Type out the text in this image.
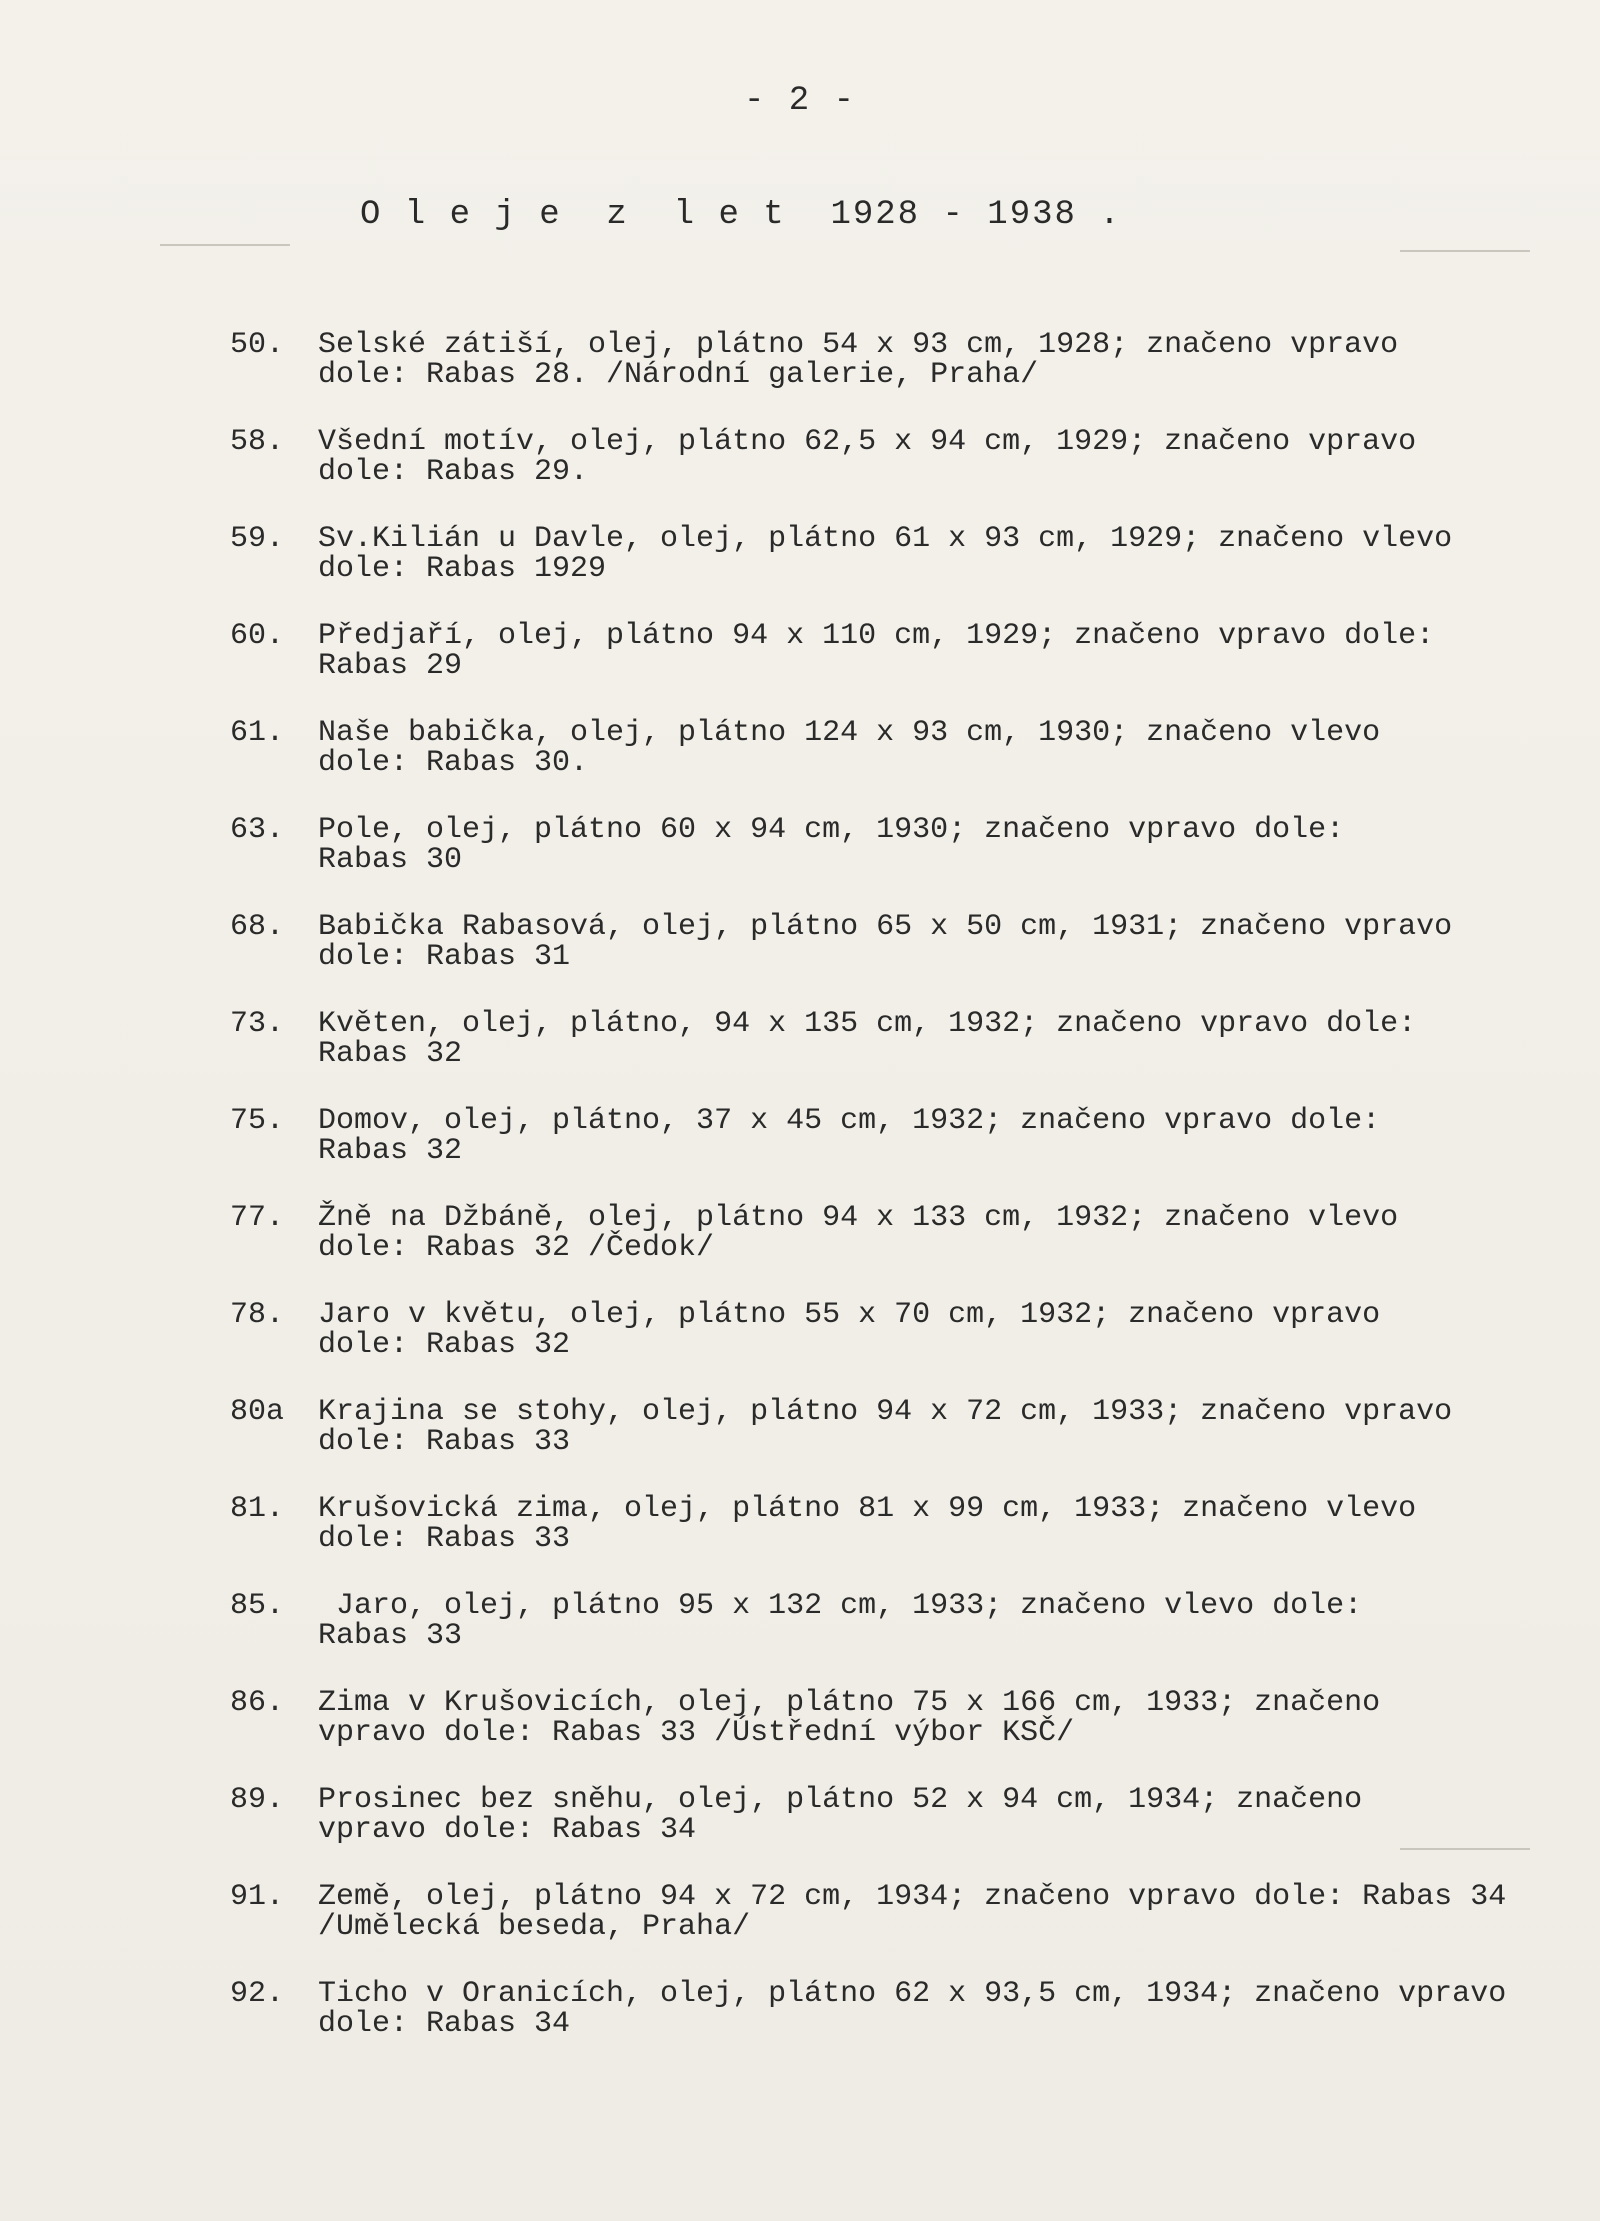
- 2 -
O l e j e  z  l e t  1928 - 1938 .
50. Selské zátiší, olej, plátno 54 x 93 cm, 1928; značeno vpravo
dole: Rabas 28. /Národní galerie, Praha/
58. Všední motív, olej, plátno 62,5 x 94 cm, 1929; značeno vpravo
dole: Rabas 29.
59. Sv.Kilián u Davle, olej, plátno 61 x 93 cm, 1929; značeno vlevo
dole: Rabas 1929
60. Předjaří, olej, plátno 94 x 110 cm, 1929; značeno vpravo dole:
Rabas 29
61. Naše babička, olej, plátno 124 x 93 cm, 1930; značeno vlevo
dole: Rabas 30.
63. Pole, olej, plátno 60 x 94 cm, 1930; značeno vpravo dole:
Rabas 30
68. Babička Rabasová, olej, plátno 65 x 50 cm, 1931; značeno vpravo
dole: Rabas 31
73. Květen, olej, plátno, 94 x 135 cm, 1932; značeno vpravo dole:
Rabas 32
75. Domov, olej, plátno, 37 x 45 cm, 1932; značeno vpravo dole:
Rabas 32
77. Žně na Džbáně, olej, plátno 94 x 133 cm, 1932; značeno vlevo
dole: Rabas 32 /Čedok/
78. Jaro v květu, olej, plátno 55 x 70 cm, 1932; značeno vpravo
dole: Rabas 32
80a Krajina se stohy, olej, plátno 94 x 72 cm, 1933; značeno vpravo
dole: Rabas 33
81. Krušovická zima, olej, plátno 81 x 99 cm, 1933; značeno vlevo
dole: Rabas 33
85. Jaro, olej, plátno 95 x 132 cm, 1933; značeno vlevo dole:
Rabas 33
86. Zima v Krušovicích, olej, plátno 75 x 166 cm, 1933; značeno
vpravo dole: Rabas 33 /Ústřední výbor KSČ/
89. Prosinec bez sněhu, olej, plátno 52 x 94 cm, 1934; značeno
vpravo dole: Rabas 34
91. Země, olej, plátno 94 x 72 cm, 1934; značeno vpravo dole: Rabas 34
/Umělecká beseda, Praha/
92. Ticho v Oranicích, olej, plátno 62 x 93,5 cm, 1934; značeno vpravo
dole: Rabas 34
